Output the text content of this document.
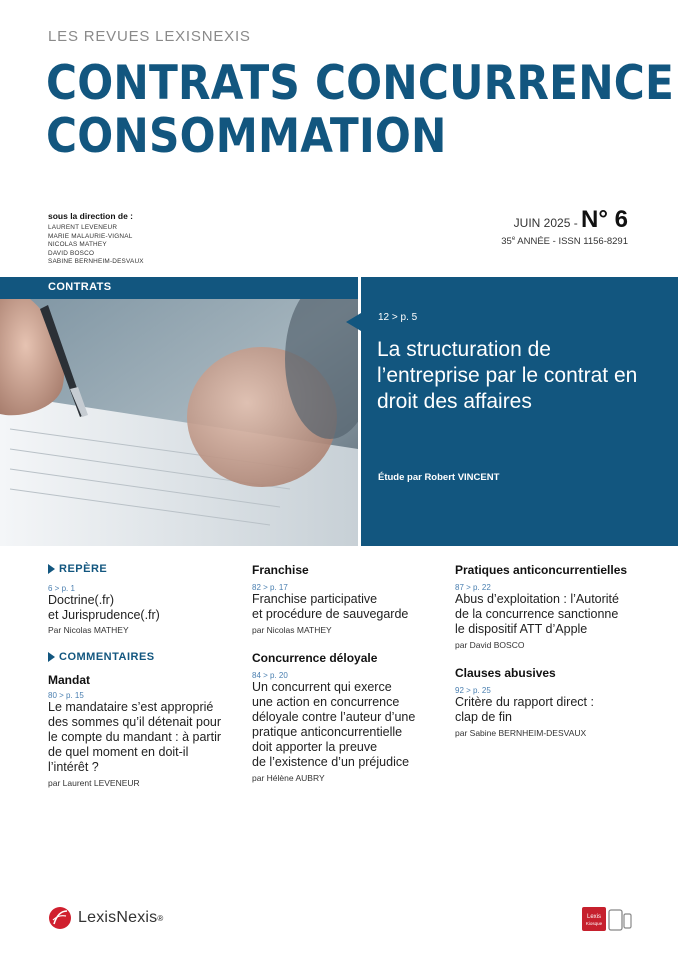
LES REVUES LEXISNEXIS
CONTRATS CONCURRENCE
CONSOMMATION
sous la direction de :
LAURENT LEVENEUR
MARIE MALAURIE-VIGNAL
NICOLAS MATHEY
DAVID BOSCO
SABINE BERNHEIM-DESVAUX
JUIN 2025 - N° 6
35e ANNÉE - ISSN 1156-8291
CONTRATS
12 > p. 5
La structuration de l’entreprise par le contrat en droit des affaires
Étude par Robert VINCENT
REPÈRE
6 > p. 1
Doctrine(.fr)
et Jurisprudence(.fr)
Par Nicolas MATHEY
COMMENTAIRES
Mandat
80 > p. 15
Le mandataire s’est approprié
des sommes qu’il détenait pour
le compte du mandant : à partir
de quel moment en doit-il
l’intérêt ?
par Laurent LEVENEUR
Franchise
82 > p. 17
Franchise participative
et procédure de sauvegarde
par Nicolas MATHEY
Concurrence déloyale
84 > p. 20
Un concurrent qui exerce
une action en concurrence
déloyale contre l’auteur d’une
pratique anticoncurrentielle
doit apporter la preuve
de l’existence d’un préjudice
par Hélène AUBRY
Pratiques anticoncurrentielles
87 > p. 22
Abus d’exploitation : l’Autorité
de la concurrence sanctionne
le dispositif ATT d’Apple
par David BOSCO
Clauses abusives
92 > p. 25
Critère du rapport direct :
clap de fin
par Sabine BERNHEIM-DESVAUX
LexisNexis ®	Lexis
Kiosque
